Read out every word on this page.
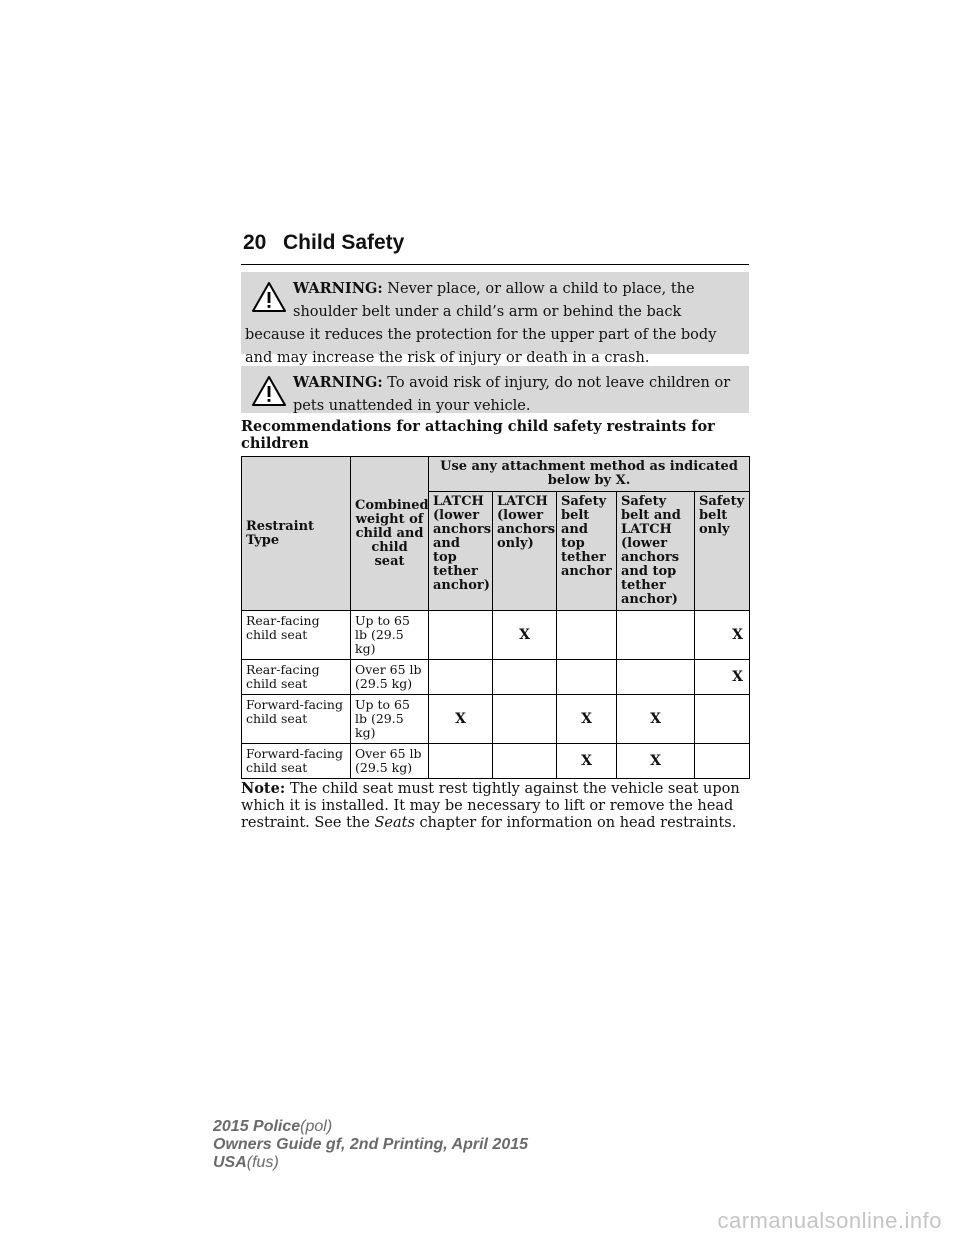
20 Child Safety
WARNING: Never place, or allow a child to place, the shoulder belt under a child’s arm or behind the back because it reduces the protection for the upper part of the body and may increase the risk of injury or death in a crash.
WARNING: To avoid risk of injury, do not leave children or pets unattended in your vehicle.
Recommendations for attaching child safety restraints for children
Restraint Type	Combined weight of child and child seat	Use any attachment method as indicated below by X.				
		LATCH (lower anchors and top tether anchor)	LATCH (lower anchors only)	Safety belt and top tether anchor	Safety belt and LATCH (lower anchors and top tether anchor)	Safety belt only
Rear-facing child seat	Up to 65 lb (29.5 kg)		X			X
Rear-facing child seat	Over 65 lb (29.5 kg)					X
Forward-facing child seat	Up to 65 lb (29.5 kg)	X		X	X	
Forward-facing child seat	Over 65 lb (29.5 kg)			X	X	
Note: The child seat must rest tightly against the vehicle seat upon which it is installed. It may be necessary to lift or remove the head restraint. See the Seats chapter for information on head restraints.
2015 Police(pol)
Owners Guide gf, 2nd Printing, April 2015
USA(fus)
carmanualsonline.info
